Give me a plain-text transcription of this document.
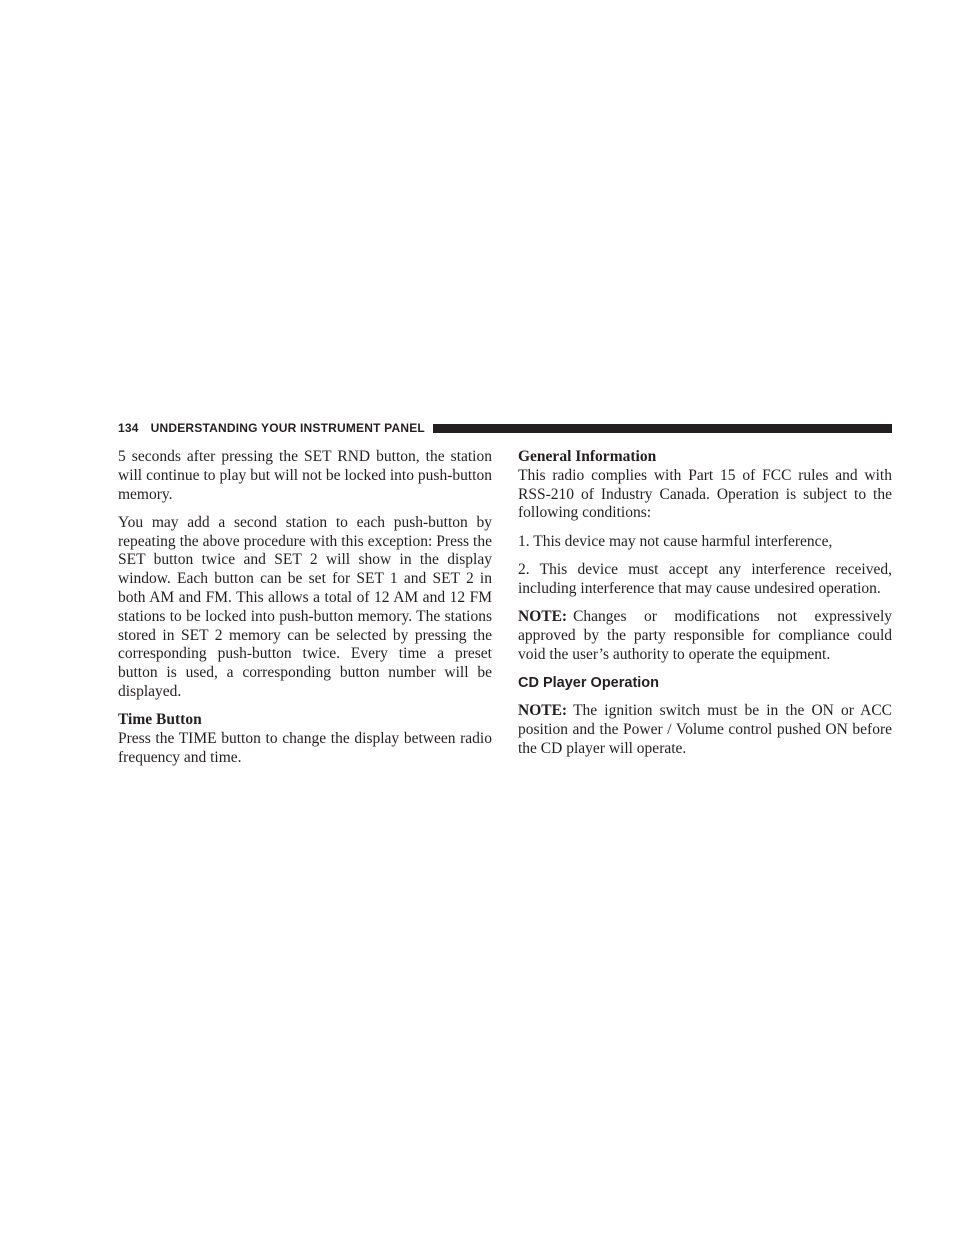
134 UNDERSTANDING YOUR INSTRUMENT PANEL

5 seconds after pressing the SET RND button, the station will continue to play but will not be locked into push-button memory.

You may add a second station to each push-button by repeating the above procedure with this exception: Press the SET button twice and SET 2 will show in the display window. Each button can be set for SET 1 and SET 2 in both AM and FM. This allows a total of 12 AM and 12 FM stations to be locked into push-button memory. The stations stored in SET 2 memory can be selected by pressing the corresponding push-button twice. Every time a preset button is used, a corresponding button number will be displayed.

Time Button

Press the TIME button to change the display between radio frequency and time.

General Information

This radio complies with Part 15 of FCC rules and with RSS-210 of Industry Canada. Operation is subject to the following conditions:

1. This device may not cause harmful interference,

2. This device must accept any interference received, including interference that may cause undesired operation.

NOTE: Changes or modifications not expressively approved by the party responsible for compliance could void the user’s authority to operate the equipment.

CD Player Operation

NOTE: The ignition switch must be in the ON or ACC position and the Power / Volume control pushed ON before the CD player will operate.
